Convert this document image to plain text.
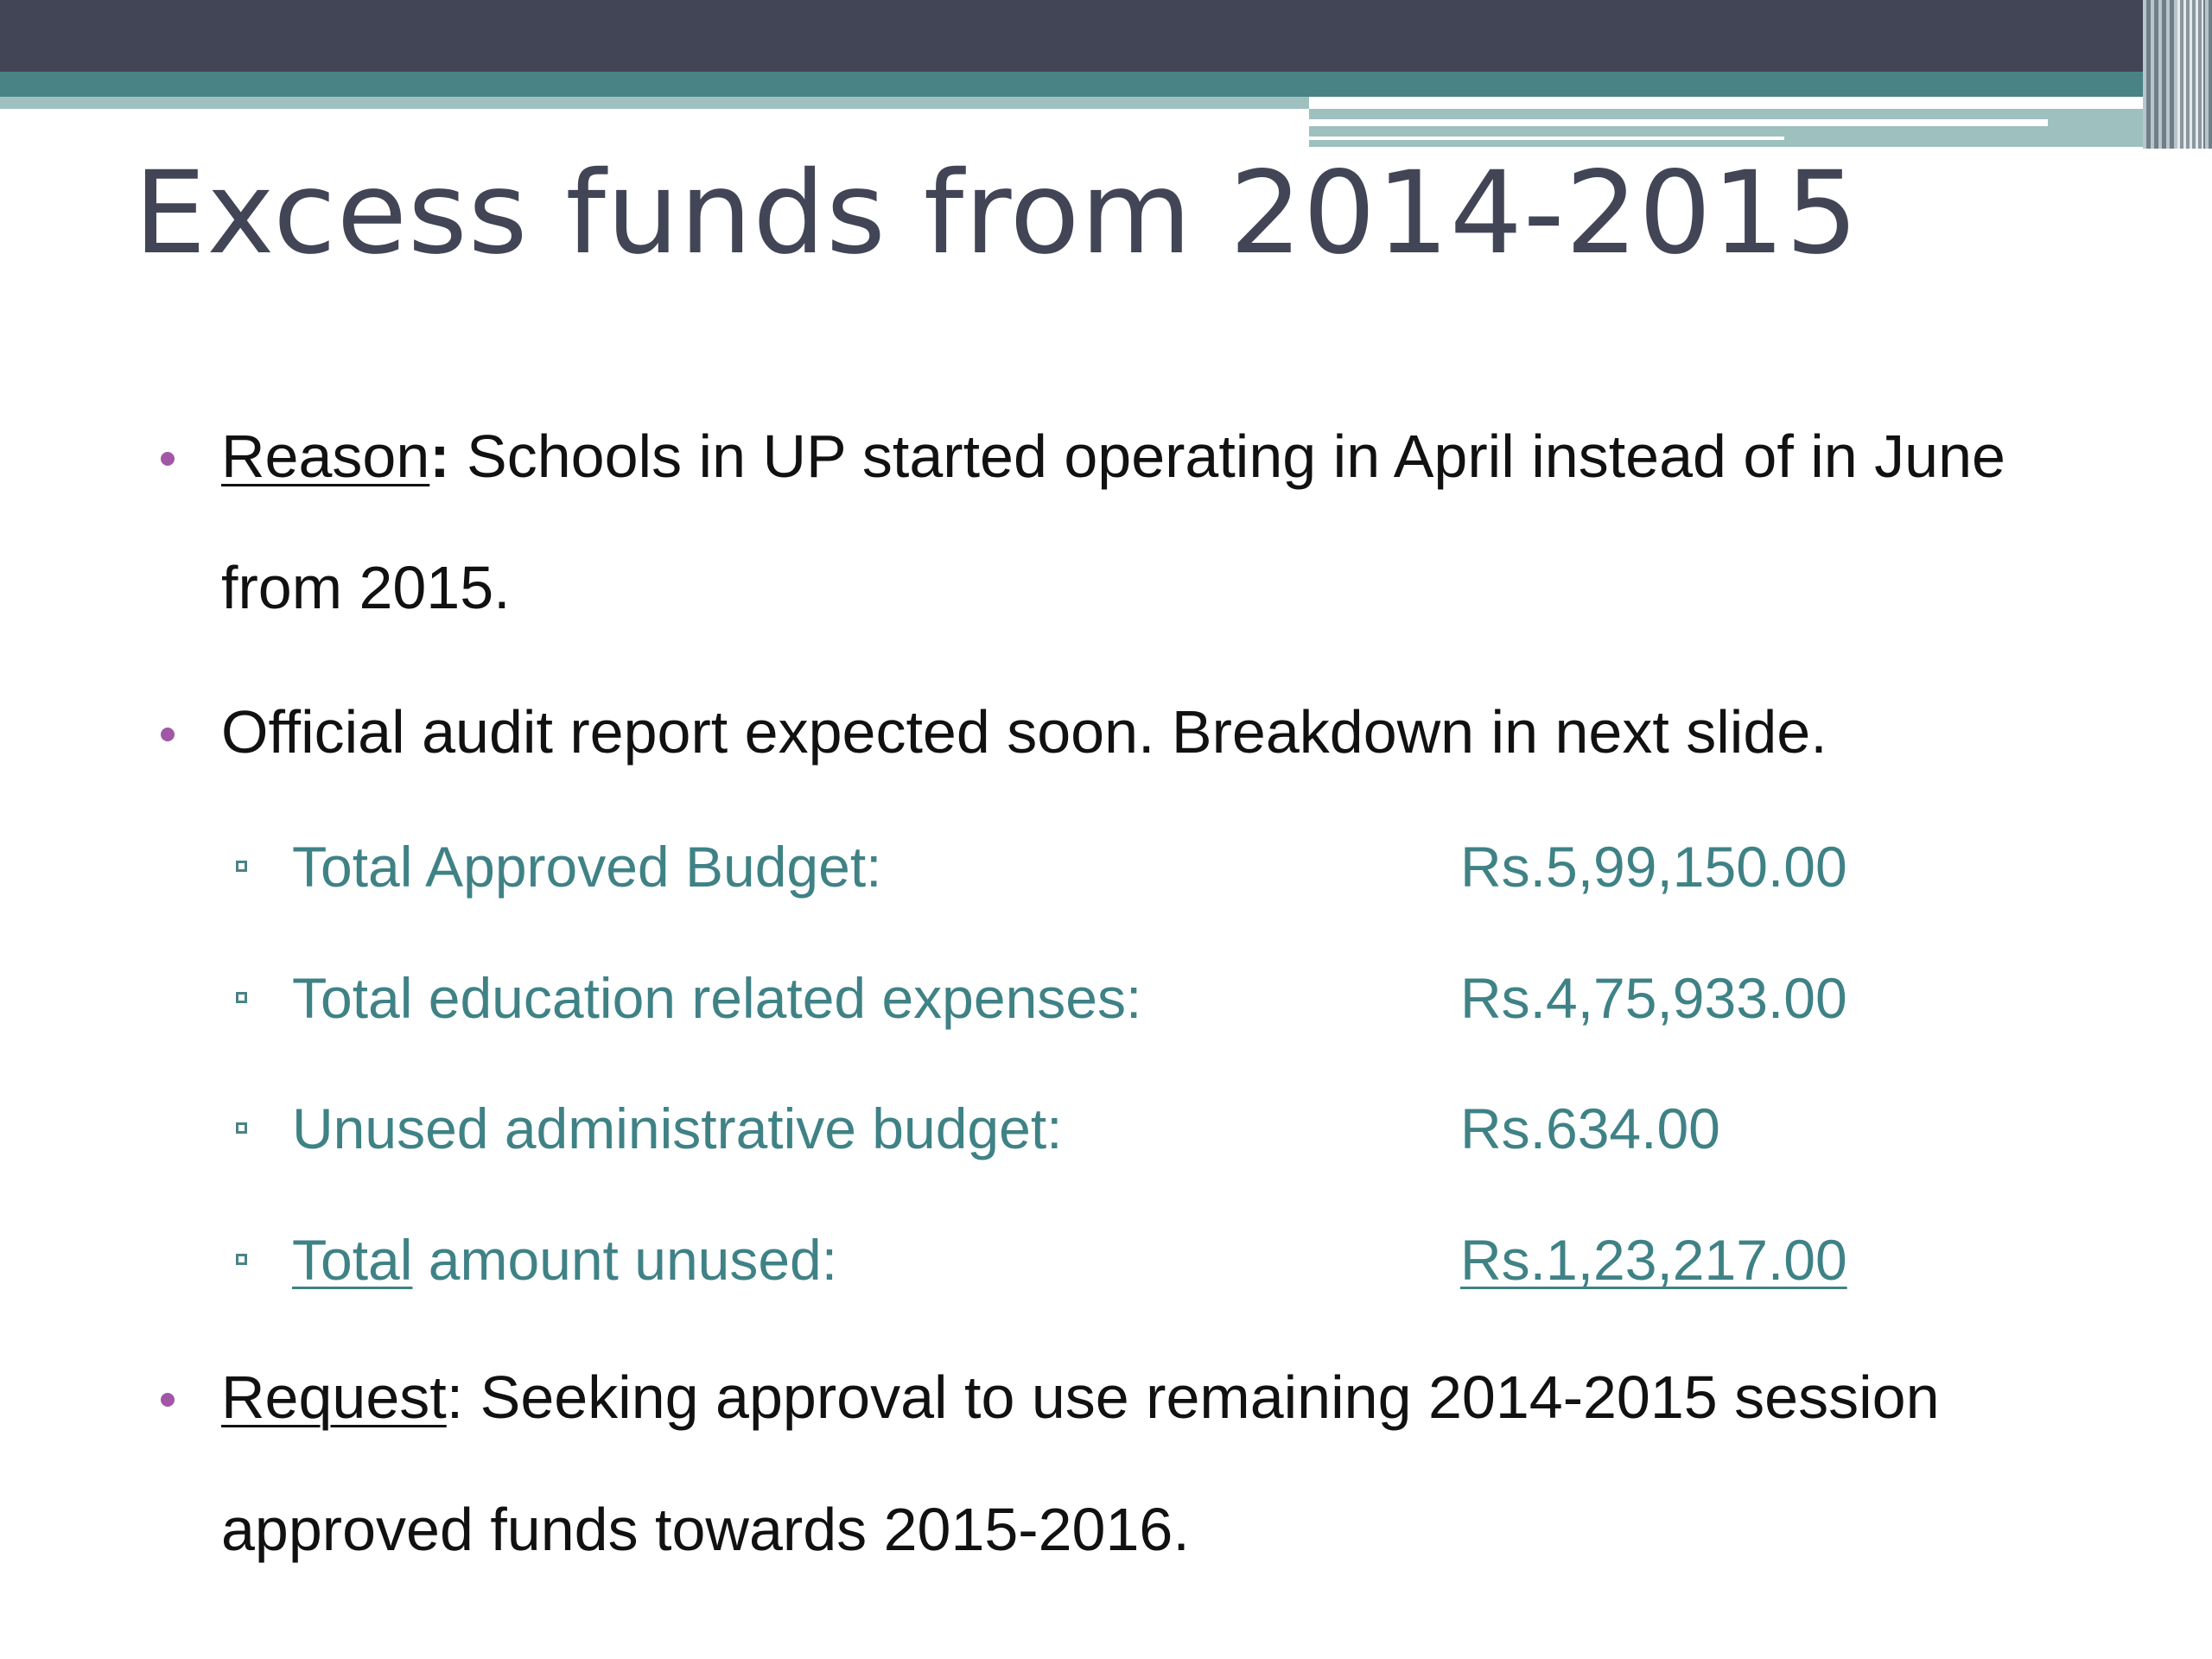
Excess funds from 2014-2015
Reason: Schools in UP started operating in April instead of in June
from 2015.
Official audit report expected soon. Breakdown in next slide.
Total Approved Budget:	Rs.5,99,150.00
Total education related expenses:	Rs.4,75,933.00
Unused administrative budget:	Rs.634.00
Total amount unused:	Rs.1,23,217.00
Request: Seeking approval to use remaining 2014-2015 session
approved funds towards 2015-2016.
